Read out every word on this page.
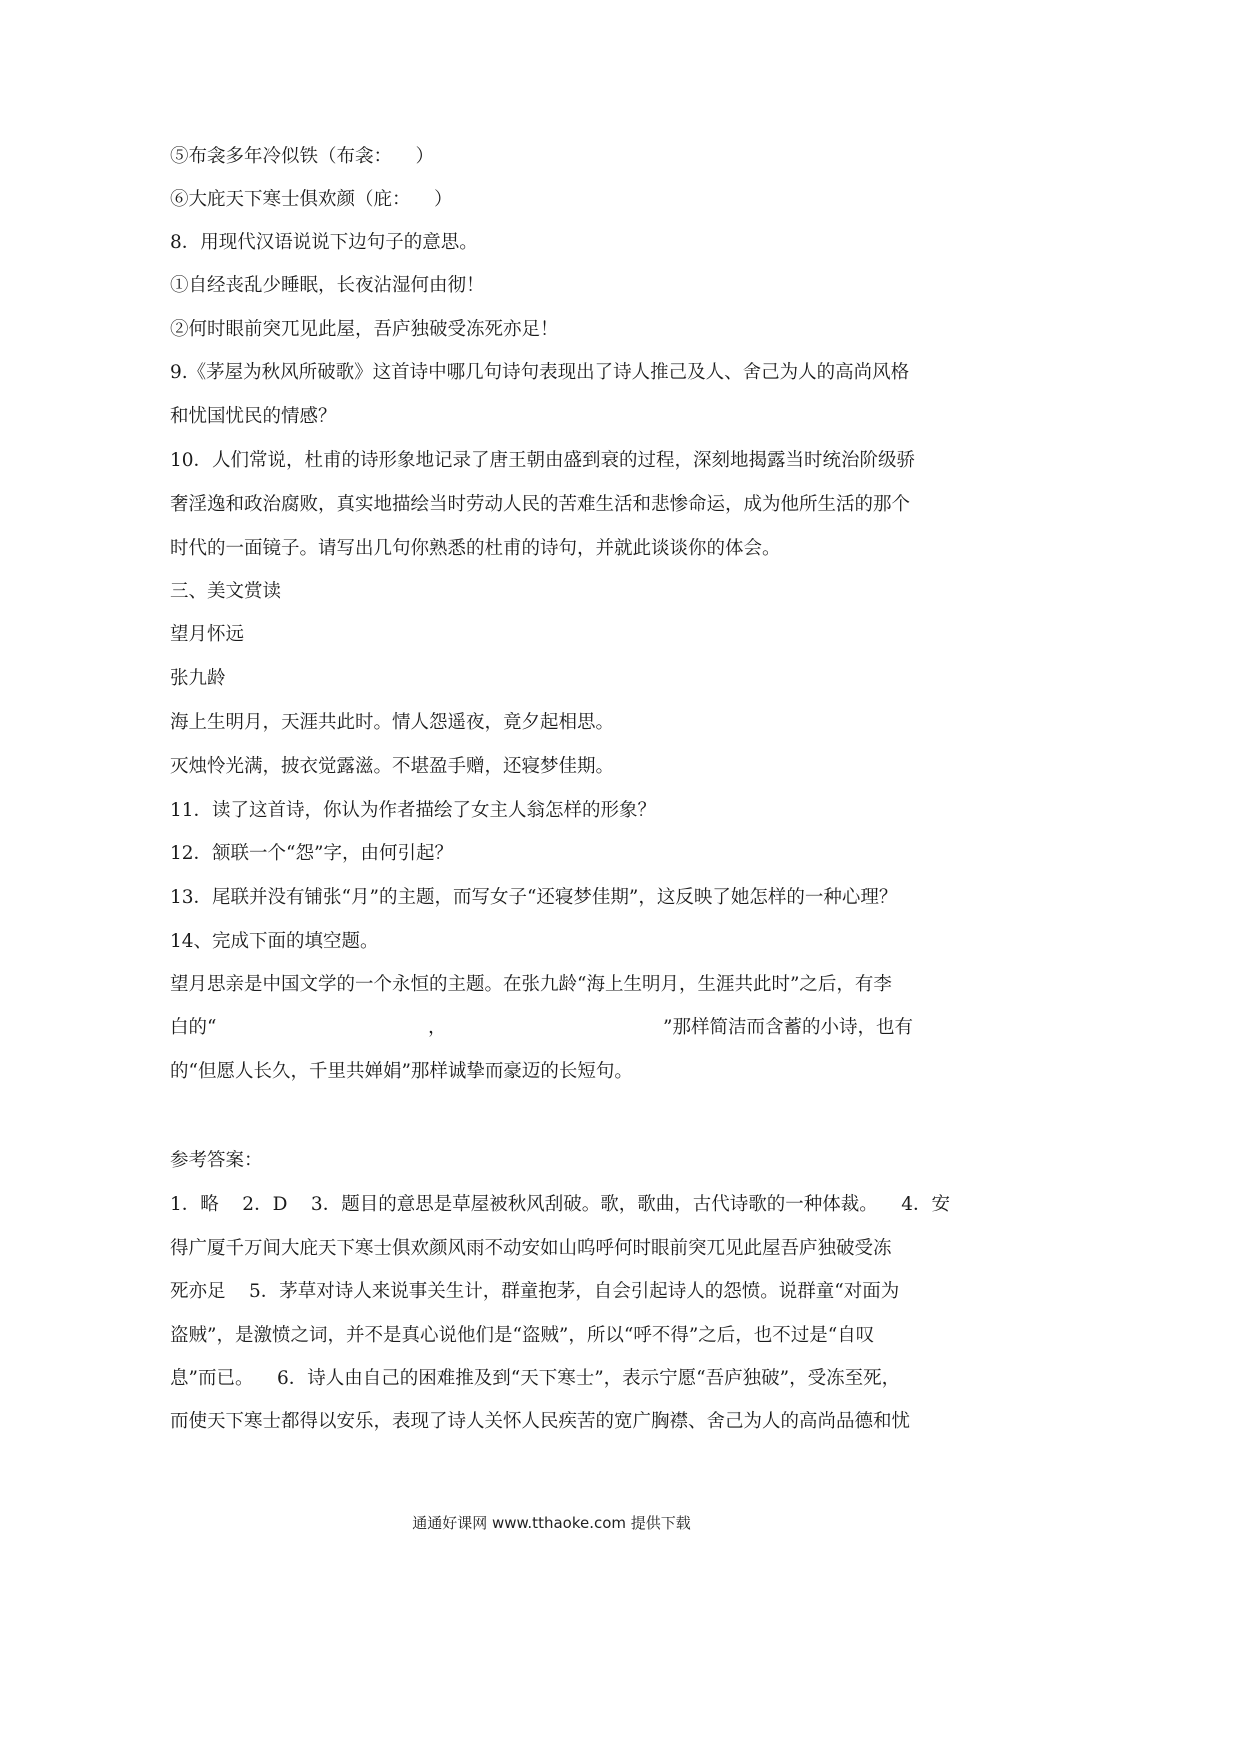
⑤布衾多年冷似铁（布衾：    ）
⑥大庇天下寒士俱欢颜（庇：    ）
8．用现代汉语说说下边句子的意思。
①自经丧乱少睡眠，长夜沾湿何由彻！
②何时眼前突兀见此屋，吾庐独破受冻死亦足！
9.《茅屋为秋风所破歌》这首诗中哪几句诗句表现出了诗人推己及人、舍己为人的高尚风格
和忧国忧民的情感？
10．人们常说，杜甫的诗形象地记录了唐王朝由盛到衰的过程，深刻地揭露当时统治阶级骄
奢淫逸和政治腐败，真实地描绘当时劳动人民的苦难生活和悲惨命运，成为他所生活的那个
时代的一面镜子。请写出几句你熟悉的杜甫的诗句，并就此谈谈你的体会。
三、美文赏读
望月怀远
张九龄
海上生明月，天涯共此时。情人怨遥夜，竟夕起相思。
灭烛怜光满，披衣觉露滋。不堪盈手赠，还寝梦佳期。
11．读了这首诗，你认为作者描绘了女主人翁怎样的形象？
12．颔联一个“怨”字，由何引起？
13．尾联并没有铺张“月”的主题，而写女子“还寝梦佳期”，这反映了她怎样的一种心理？
14、完成下面的填空题。
望月思亲是中国文学的一个永恒的主题。在张九龄“海上生明月，生涯共此时”之后，有李
白的“	，	”那样简洁而含蓄的小诗，也有
的“但愿人长久，千里共婵娟”那样诚挚而豪迈的长短句。
参考答案：
1．略    2．D    3．题目的意思是草屋被秋风刮破。歌，歌曲，古代诗歌的一种体裁。    4．安
得广厦千万间大庇天下寒士俱欢颜风雨不动安如山呜呼何时眼前突兀见此屋吾庐独破受冻
死亦足    5．茅草对诗人来说事关生计，群童抱茅，自会引起诗人的怨愤。说群童“对面为
盗贼”，是激愤之词，并不是真心说他们是“盗贼”，所以“呼不得”之后，也不过是“自叹
息”而已。    6．诗人由自己的困难推及到“天下寒士”，表示宁愿“吾庐独破”，受冻至死，
而使天下寒士都得以安乐，表现了诗人关怀人民疾苦的宽广胸襟、舍己为人的高尚品德和忧
通通好课网 www.tthaoke.com 提供下载
